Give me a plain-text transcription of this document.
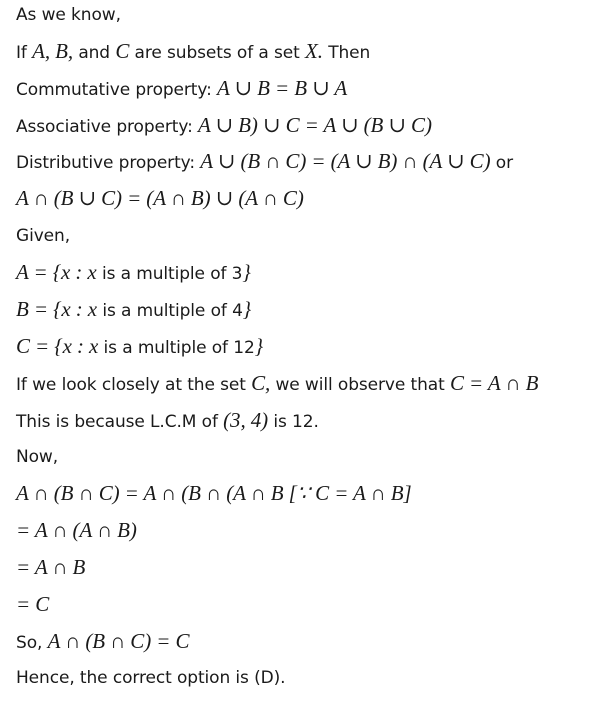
As we know,
If A, B, and C are subsets of a set X. Then
Commutative property: A ∪ B = B ∪ A
Associative property: A ∪ B) ∪ C = A ∪ (B ∪ C)
Distributive property: A ∪ (B ∩ C) = (A ∪ B) ∩ (A ∪ C) or
A ∩ (B ∪ C) = (A ∩ B) ∪ (A ∩ C)
Given,
A = {x : x is a multiple of 3}
B = {x : x is a multiple of 4}
C = {x : x is a multiple of 12}
If we look closely at the set C, we will observe that C = A ∩ B
This is because L.C.M of (3, 4) is 12.
Now,
A ∩ (B ∩ C) = A ∩ (B ∩ (A ∩ B [∵ C = A ∩ B]
= A ∩ (A ∩ B)
= A ∩ B
= C
So, A ∩ (B ∩ C) = C
Hence, the correct option is (D).
